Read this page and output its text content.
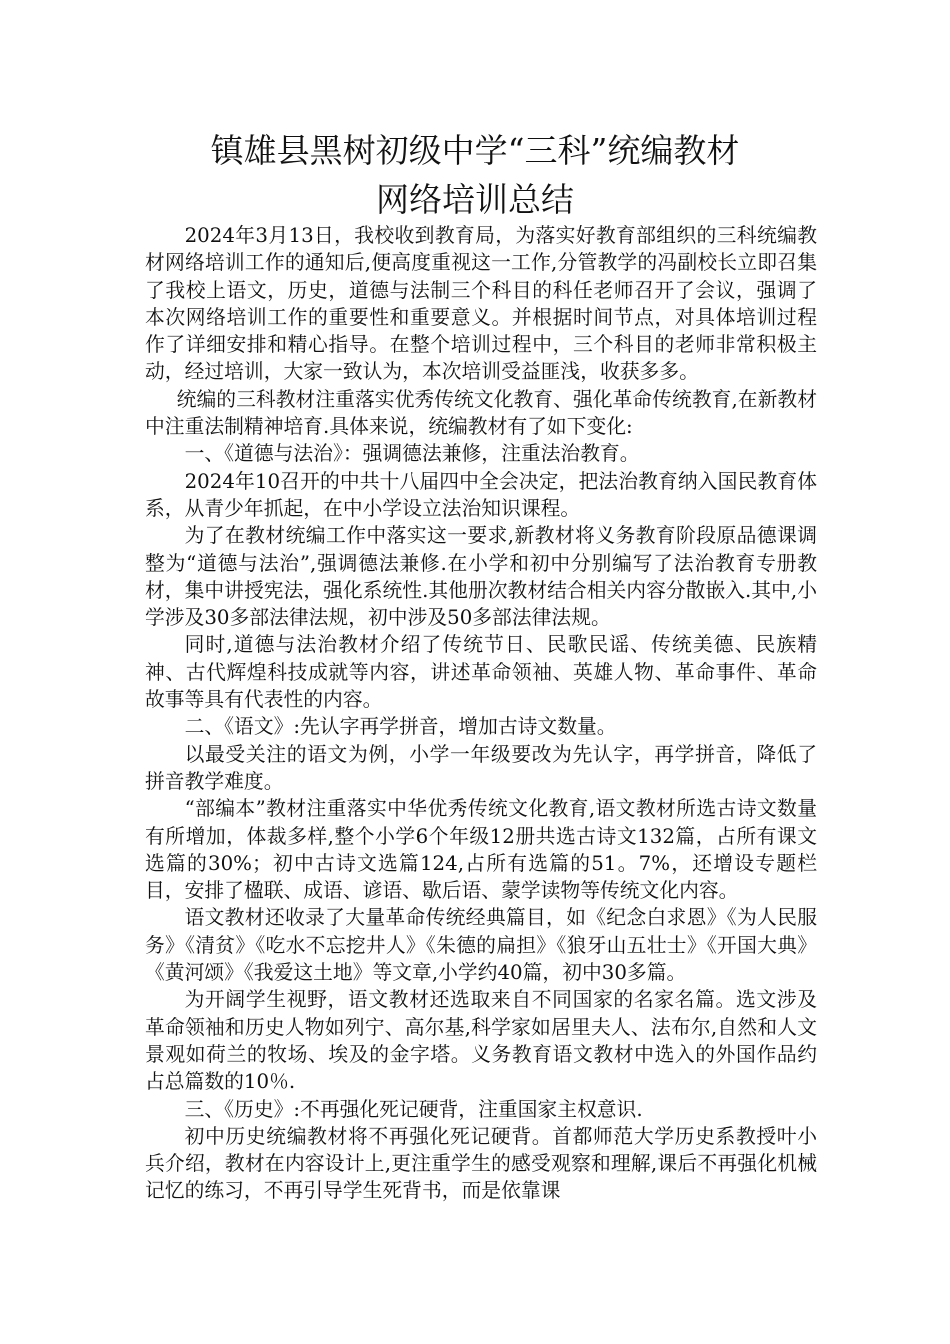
镇雄县黑树初级中学“三科”统编教材
网络培训总结

2024年3月13日，我校收到教育局，为落实好教育部组织的三科统编教材网络培训工作的通知后,便高度重视这一工作,分管教学的冯副校长立即召集了我校上语文，历史，道德与法制三个科目的科任老师召开了会议，强调了本次网络培训工作的重要性和重要意义。并根据时间节点，对具体培训过程作了详细安排和精心指导。在整个培训过程中，三个科目的老师非常积极主动，经过培训，大家一致认为，本次培训受益匪浅，收获多多。

统编的三科教材注重落实优秀传统文化教育、强化革命传统教育,在新教材中注重法制精神培育.具体来说，统编教材有了如下变化:

一、《道德与法治》：强调德法兼修，注重法治教育。

2024年10召开的中共十八届四中全会决定，把法治教育纳入国民教育体系，从青少年抓起，在中小学设立法治知识课程。

为了在教材统编工作中落实这一要求,新教材将义务教育阶段原品德课调整为“道德与法治”,强调德法兼修.在小学和初中分别编写了法治教育专册教材，集中讲授宪法，强化系统性.其他册次教材结合相关内容分散嵌入.其中,小学涉及30多部法律法规，初中涉及50多部法律法规。

同时,道德与法治教材介绍了传统节日、民歌民谣、传统美德、民族精神、古代辉煌科技成就等内容，讲述革命领袖、英雄人物、革命事件、革命故事等具有代表性的内容。

二、《语文》:先认字再学拼音，增加古诗文数量。

以最受关注的语文为例，小学一年级要改为先认字，再学拼音，降低了拼音教学难度。

“部编本”教材注重落实中华优秀传统文化教育,语文教材所选古诗文数量有所增加，体裁多样,整个小学6个年级12册共选古诗文132篇，占所有课文选篇的30%；初中古诗文选篇124,占所有选篇的51。7%，还增设专题栏目，安排了楹联、成语、谚语、歇后语、蒙学读物等传统文化内容。

语文教材还收录了大量革命传统经典篇目，如《纪念白求恩》《为人民服务》《清贫》《吃水不忘挖井人》《朱德的扁担》《狼牙山五壮士》《开国大典》《黄河颂》《我爱这土地》等文章,小学约40篇，初中30多篇。

为开阔学生视野，语文教材还选取来自不同国家的名家名篇。选文涉及革命领袖和历史人物如列宁、高尔基,科学家如居里夫人、法布尔,自然和人文景观如荷兰的牧场、埃及的金字塔。义务教育语文教材中选入的外国作品约占总篇数的10％.

三、《历史》:不再强化死记硬背，注重国家主权意识.

初中历史统编教材将不再强化死记硬背。首都师范大学历史系教授叶小兵介绍，教材在内容设计上,更注重学生的感受观察和理解,课后不再强化机械记忆的练习，不再引导学生死背书，而是依靠课
